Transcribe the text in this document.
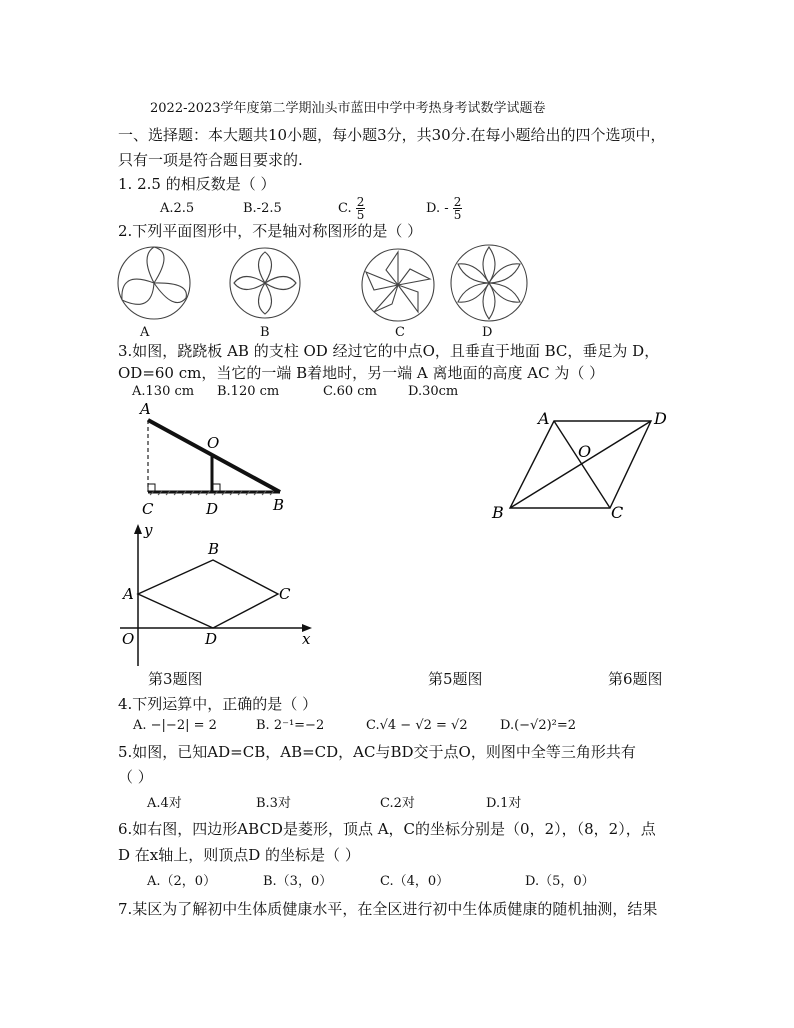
2022-2023学年度第二学期汕头市蓝田中学中考热身考试数学试题卷
一、选择题：本大题共10小题，每小题3分，共30分.在每小题给出的四个选项中，
只有一项是符合题目要求的.
1. 2.5 的相反数是（ ）
A.2.5	B.-2.5	C. $\frac{2}{5}$	D. - $\frac{2}{5}$
2.下列平面图形中，不是轴对称图形的是（ ）
A	B	C	D
3.如图，跷跷板 AB 的支柱 OD 经过它的中点O，且垂直于地面 BC，垂足为 D，
OD=60 cm，当它的一端 B着地时，另一端 A 离地面的高度 AC 为（ ）
A.130 cm B.120 cm	C.60 cm D.30cm
A
O
C	D	B
A	D
O
B	C
y
B
A	C
O	D	x
第3题图	第5题图	第6题图
4.下列运算中，正确的是（ ）
A. −|−2| = 2	B. 2⁻¹=−2	C.√4 − √2 = √2 D.(−√2)²=2
5.如图，已知AD=CB，AB=CD，AC与BD交于点O，则图中全等三角形共有
（ ）
A.4对	B.3对	C.2对	D.1对
6.如右图，四边形ABCD是菱形，顶点 A，C的坐标分别是（0，2），（8，2），点
D 在x轴上，则顶点D 的坐标是（ ）
A.（2，0）	B.（3，0）	C.（4，0）	D.（5，0）
7.某区为了解初中生体质健康水平，在全区进行初中生体质健康的随机抽测，结果
